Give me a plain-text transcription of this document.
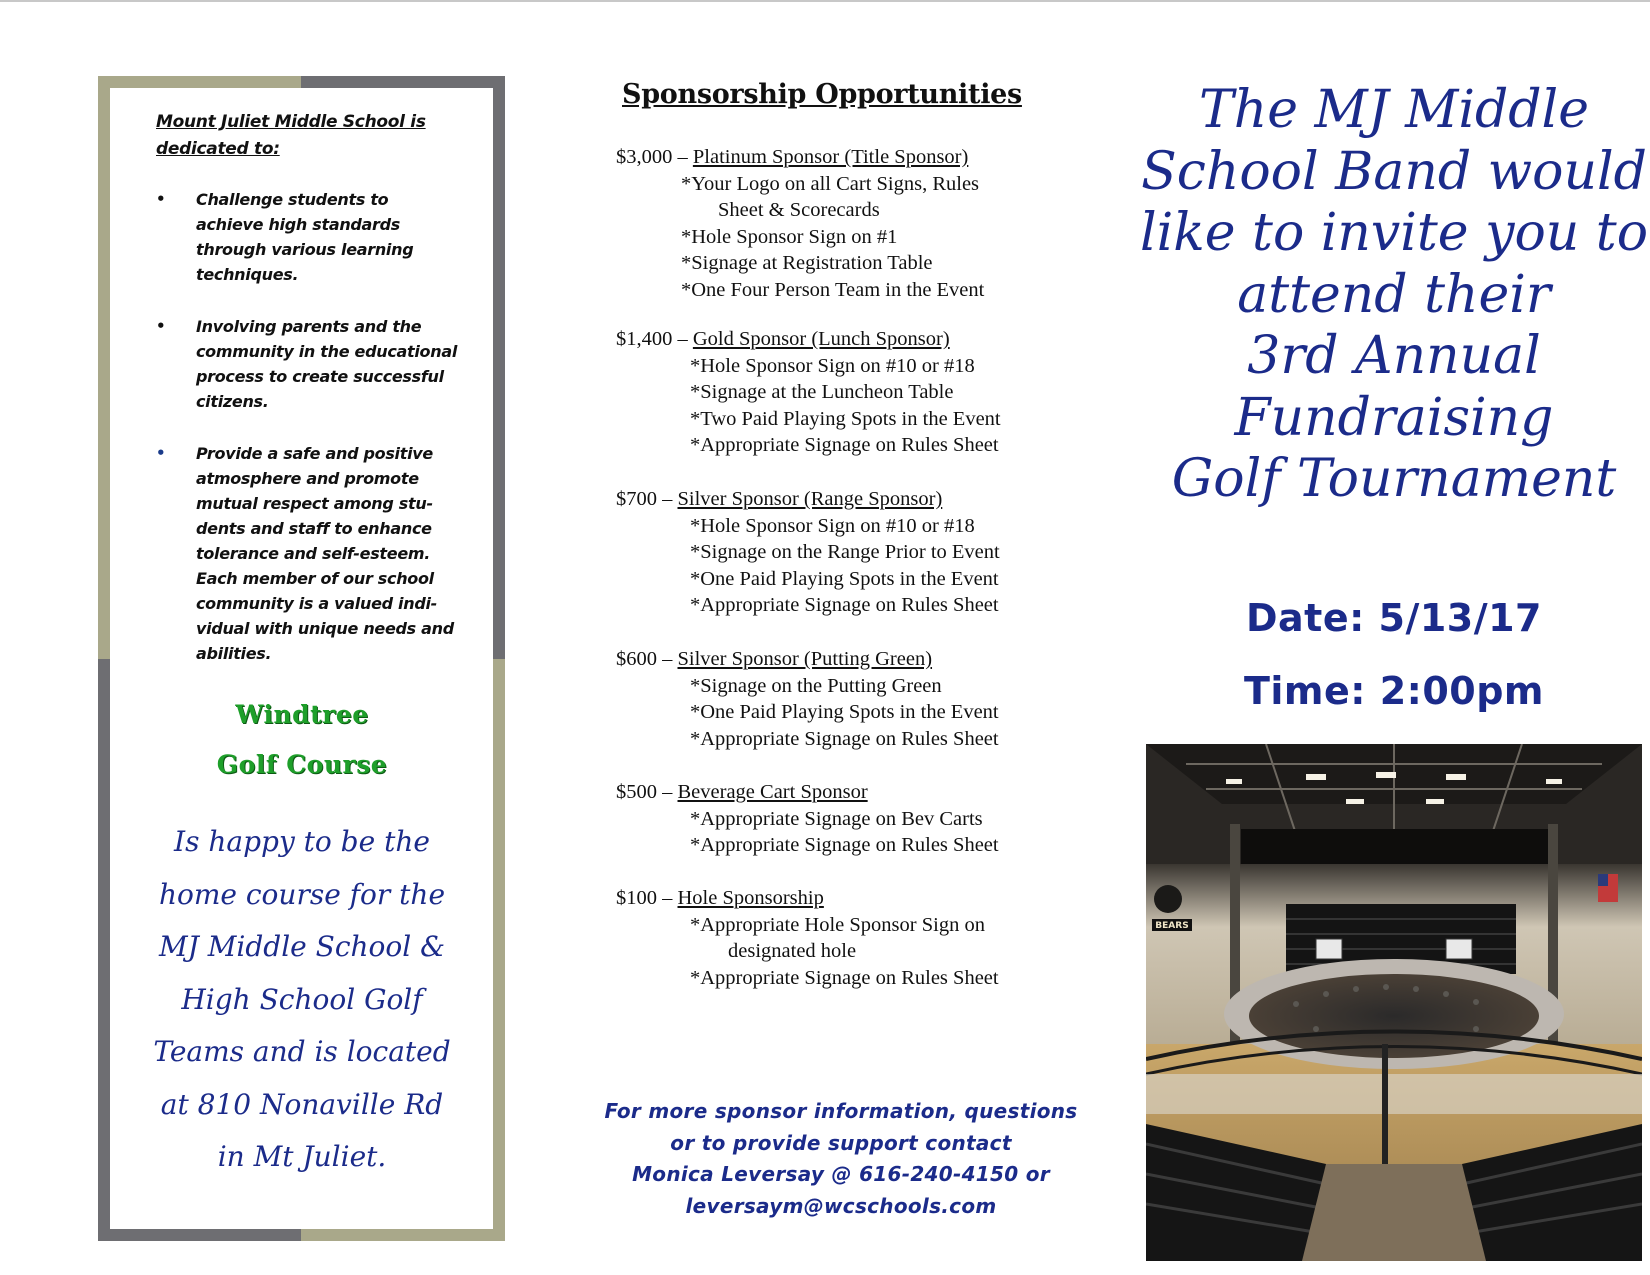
Mount Juliet Middle School is
dedicated to:
• Challenge students to
achieve high standards
through various learning
techniques.
• Involving parents and the
community in the educational
process to create successful
citizens.
• Provide a safe and positive
atmosphere and promote
mutual respect among stu-
dents and staff to enhance
tolerance and self-esteem.
Each member of our school
community is a valued indi-
vidual with unique needs and
abilities.
Windtree
Golf Course
Is happy to be the
home course for the
MJ Middle School &
High School Golf
Teams and is located
at 810 Nonaville Rd
in Mt Juliet.
Sponsorship Opportunities
$3,000 – Platinum Sponsor (Title Sponsor)
*Your Logo on all Cart Signs, Rules
Sheet & Scorecards
*Hole Sponsor Sign on #1
*Signage at Registration Table
*One Four Person Team in the Event
$1,400 – Gold Sponsor (Lunch Sponsor)
*Hole Sponsor Sign on #10 or #18
*Signage at the Luncheon Table
*Two Paid Playing Spots in the Event
*Appropriate Signage on Rules Sheet
$700 – Silver Sponsor (Range Sponsor)
*Hole Sponsor Sign on #10 or #18
*Signage on the Range Prior to Event
*One Paid Playing Spots in the Event
*Appropriate Signage on Rules Sheet
$600 – Silver Sponsor (Putting Green)
*Signage on the Putting Green
*One Paid Playing Spots in the Event
*Appropriate Signage on Rules Sheet
$500 – Beverage Cart Sponsor
*Appropriate Signage on Bev Carts
*Appropriate Signage on Rules Sheet
$100 – Hole Sponsorship
*Appropriate Hole Sponsor Sign on
designated hole
*Appropriate Signage on Rules Sheet
For more sponsor information, questions
or to provide support contact
Monica Leversay @ 616-240-4150 or
leversaym@wcschools.com
The MJ Middle
School Band would
like to invite you to
attend their
3rd Annual
Fundraising
Golf Tournament
Date: 5/13/17
Time: 2:00pm
BEARS
